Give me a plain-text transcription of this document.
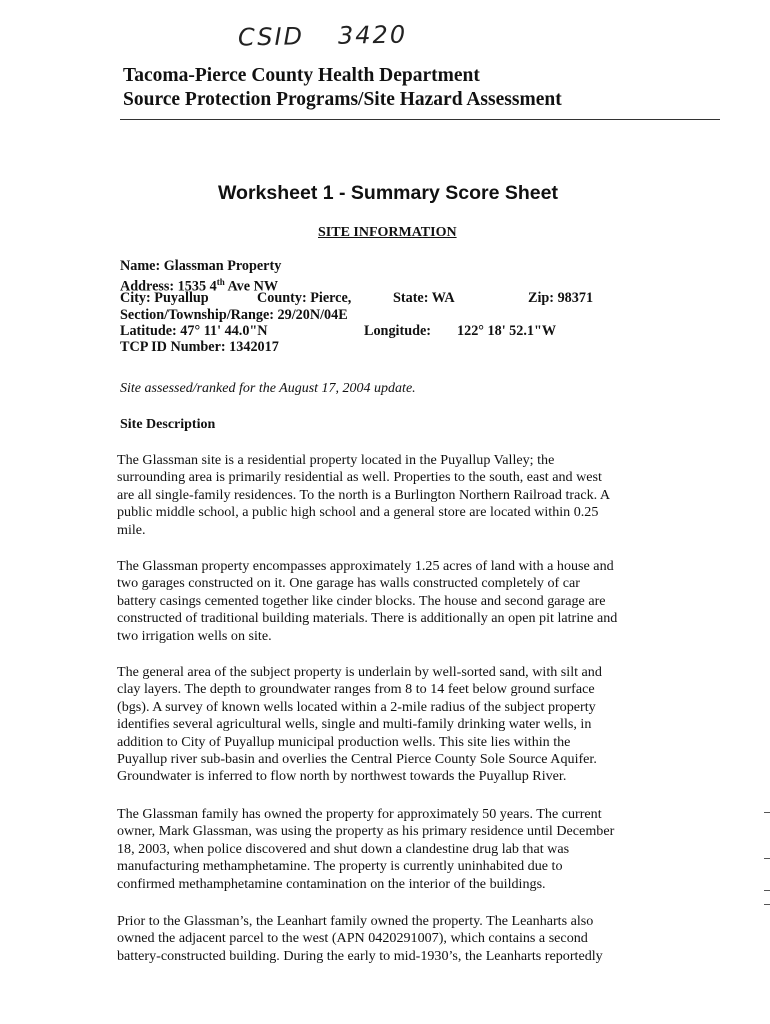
CSID 3420
Tacoma-Pierce County Health Department
Source Protection Programs/Site Hazard Assessment
Worksheet 1 - Summary Score Sheet
SITE INFORMATION
Name: Glassman Property
Address: 1535 4th Ave NW
City: Puyallup	County: Pierce,	State: WA	Zip: 98371
Section/Township/Range: 29/20N/04E
Latitude: 47° 11' 44.0"N	Longitude: 122° 18' 52.1"W
TCP ID Number: 1342017
Site assessed/ranked for the August 17, 2004 update.
Site Description
The Glassman site is a residential property located in the Puyallup Valley; the
surrounding area is primarily residential as well. Properties to the south, east and west
are all single-family residences. To the north is a Burlington Northern Railroad track. A
public middle school, a public high school and a general store are located within 0.25
mile.
The Glassman property encompasses approximately 1.25 acres of land with a house and
two garages constructed on it. One garage has walls constructed completely of car
battery casings cemented together like cinder blocks. The house and second garage are
constructed of traditional building materials. There is additionally an open pit latrine and
two irrigation wells on site.
The general area of the subject property is underlain by well-sorted sand, with silt and
clay layers. The depth to groundwater ranges from 8 to 14 feet below ground surface
(bgs). A survey of known wells located within a 2-mile radius of the subject property
identifies several agricultural wells, single and multi-family drinking water wells, in
addition to City of Puyallup municipal production wells. This site lies within the
Puyallup river sub-basin and overlies the Central Pierce County Sole Source Aquifer.
Groundwater is inferred to flow north by northwest towards the Puyallup River.
The Glassman family has owned the property for approximately 50 years. The current
owner, Mark Glassman, was using the property as his primary residence until December
18, 2003, when police discovered and shut down a clandestine drug lab that was
manufacturing methamphetamine. The property is currently uninhabited due to
confirmed methamphetamine contamination on the interior of the buildings.
Prior to the Glassman’s, the Leanhart family owned the property. The Leanharts also
owned the adjacent parcel to the west (APN 0420291007), which contains a second
battery-constructed building. During the early to mid-1930’s, the Leanharts reportedly
